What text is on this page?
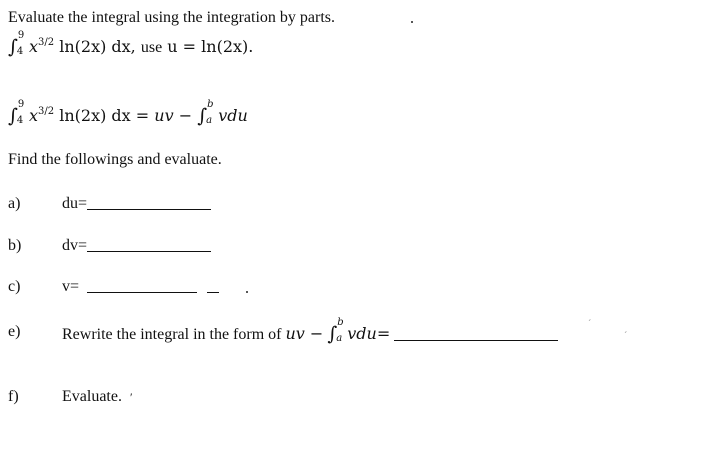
Evaluate the integral using the integration by parts.
∫
9
4 $x^{3/2}$ ln(2x) dx, use u = ln(2x).
∫
9
4 $x^{3/2}$ ln(2x) dx = uv − ∫
b
a vdu
Find the followings and evaluate.
a)	du=
b)	dv=
c)	v=
e)	Rewrite the integral in the form of uv − ∫
b
a vdu=	´
´
f)	Evaluate. ′
